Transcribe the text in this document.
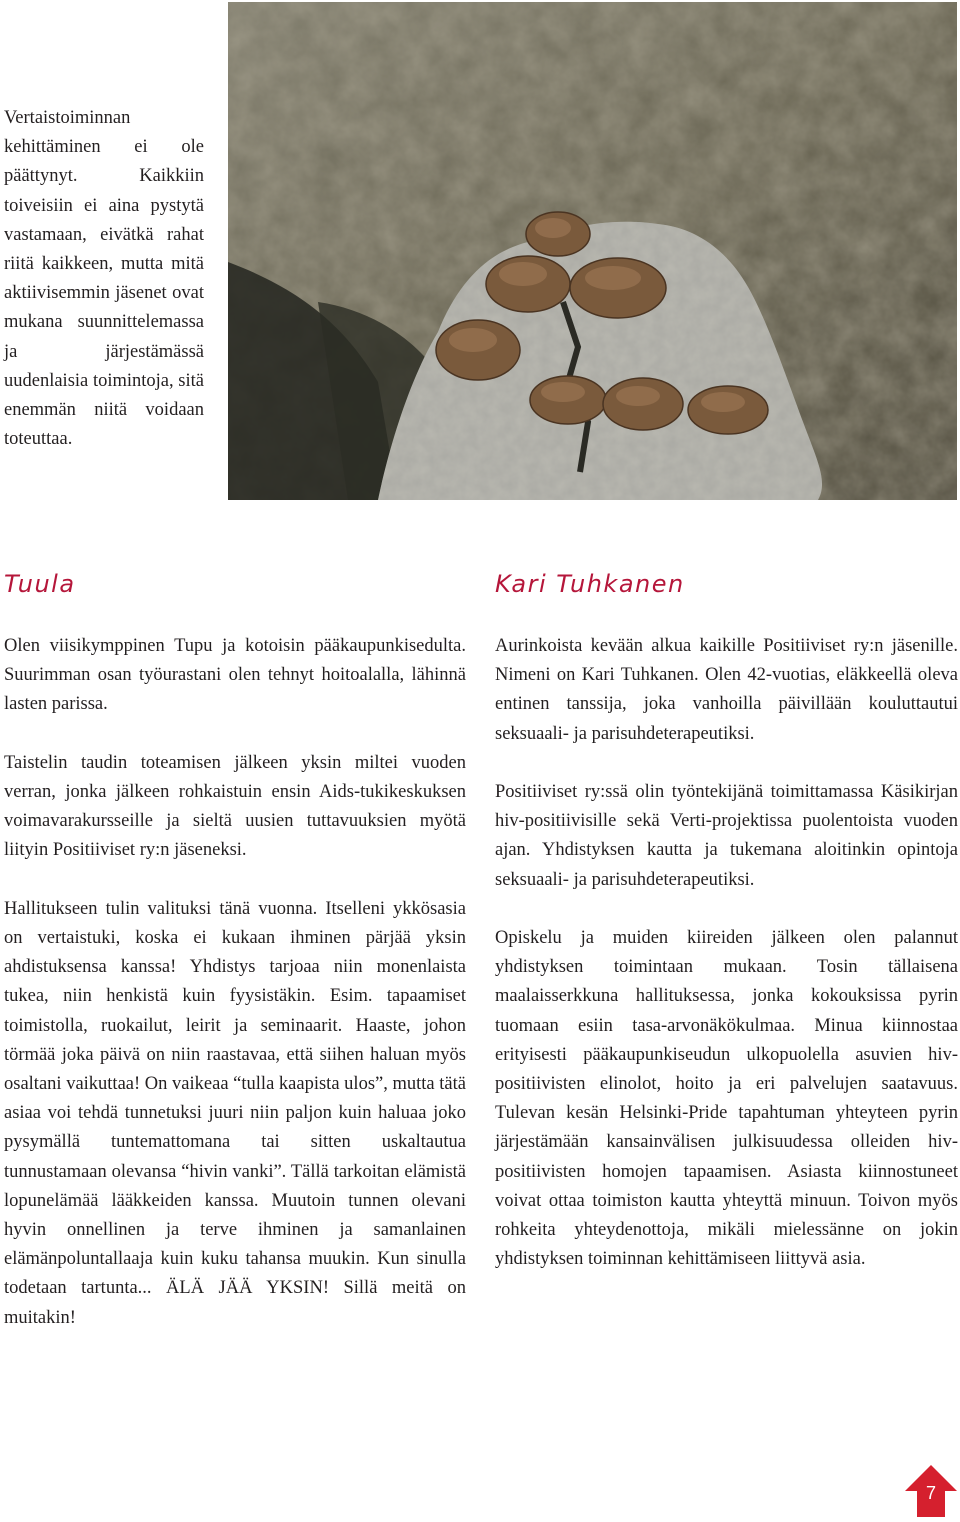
Vertaistoiminnan kehittäminen ei ole päättynyt. Kaikkiin toiveisiin ei aina pystytä vastamaan, eivätkä rahat riitä kaikkeen, mutta mitä aktiivisemmin jäsenet ovat mukana suunnittelemassa ja järjestämässä uudenlaisia toimintoja, sitä enemmän niitä voidaan toteuttaa.
Tuula

Olen viisikymppinen Tupu ja kotoisin pääkaupunkisedulta. Suurimman osan työurastani olen tehnyt hoitoalalla, lähinnä lasten parissa.

Taistelin taudin toteamisen jälkeen yksin miltei vuoden verran, jonka jälkeen rohkaistuin ensin Aids-tukikeskuksen voimavarakursseille ja sieltä uusien tuttavuuksien myötä liityin Positiiviset ry:n jäseneksi.

Hallitukseen tulin valituksi tänä vuonna. Itselleni ykkösasia on vertaistuki, koska ei kukaan ihminen pärjää yksin ahdistuksensa kanssa! Yhdistys tarjoaa niin monenlaista tukea, niin henkistä kuin fyysistäkin. Esim. tapaamiset toimistolla, ruokailut, leirit ja seminaarit. Haaste, johon törmää joka päivä on niin raastavaa, että siihen haluan myös osaltani vaikuttaa! On vaikeaa “tulla kaapista ulos”, mutta tätä asiaa voi tehdä tunnetuksi juuri niin paljon kuin haluaa joko pysymällä tuntemattomana tai sitten uskaltautua tunnustamaan olevansa “hivin vanki”. Tällä tarkoitan elämistä lopunelämää lääkkeiden kanssa. Muutoin tunnen olevani hyvin onnellinen ja terve ihminen ja samanlainen elämänpoluntallaaja kuin kuku tahansa muukin. Kun sinulla todetaan tartunta... ÄLÄ JÄÄ YKSIN! Sillä meitä on muitakin!

Kari Tuhkanen

Aurinkoista kevään alkua kaikille Positiiviset ry:n jäsenille. Nimeni on Kari Tuhkanen. Olen 42-vuotias, eläkkeellä oleva entinen tanssija, joka vanhoilla päivillään kouluttautui seksuaali- ja parisuhdeterapeutiksi.

Positiiviset ry:ssä olin työntekijänä toimittamassa Käsikirjan hiv-positiivisille sekä Verti-projektissa puolentoista vuoden ajan. Yhdistyksen kautta ja tukemana aloitinkin opintoja seksuaali- ja parisuhdeterapeutiksi.

Opiskelu ja muiden kiireiden jälkeen olen palannut yhdistyksen toimintaan mukaan. Tosin tällaisena maalaisserkkuna hallituksessa, jonka kokouksissa pyrin tuomaan esiin tasa-arvonäkökulmaa. Minua kiinnostaa erityisesti pääkaupunkiseudun ulkopuolella asuvien hiv-positiivisten elinolot, hoito ja eri palvelujen saatavuus. Tulevan kesän Helsinki-Pride tapahtuman yhteyteen pyrin järjestämään kansainvälisen julkisuudessa olleiden hiv-positiivisten homojen tapaamisen. Asiasta kiinnostuneet voivat ottaa toimiston kautta yhteyttä minuun. Toivon myös rohkeita yhteydenottoja, mikäli mielessänne on jokin yhdistyksen toiminnan kehittämiseen liittyvä asia.

7
